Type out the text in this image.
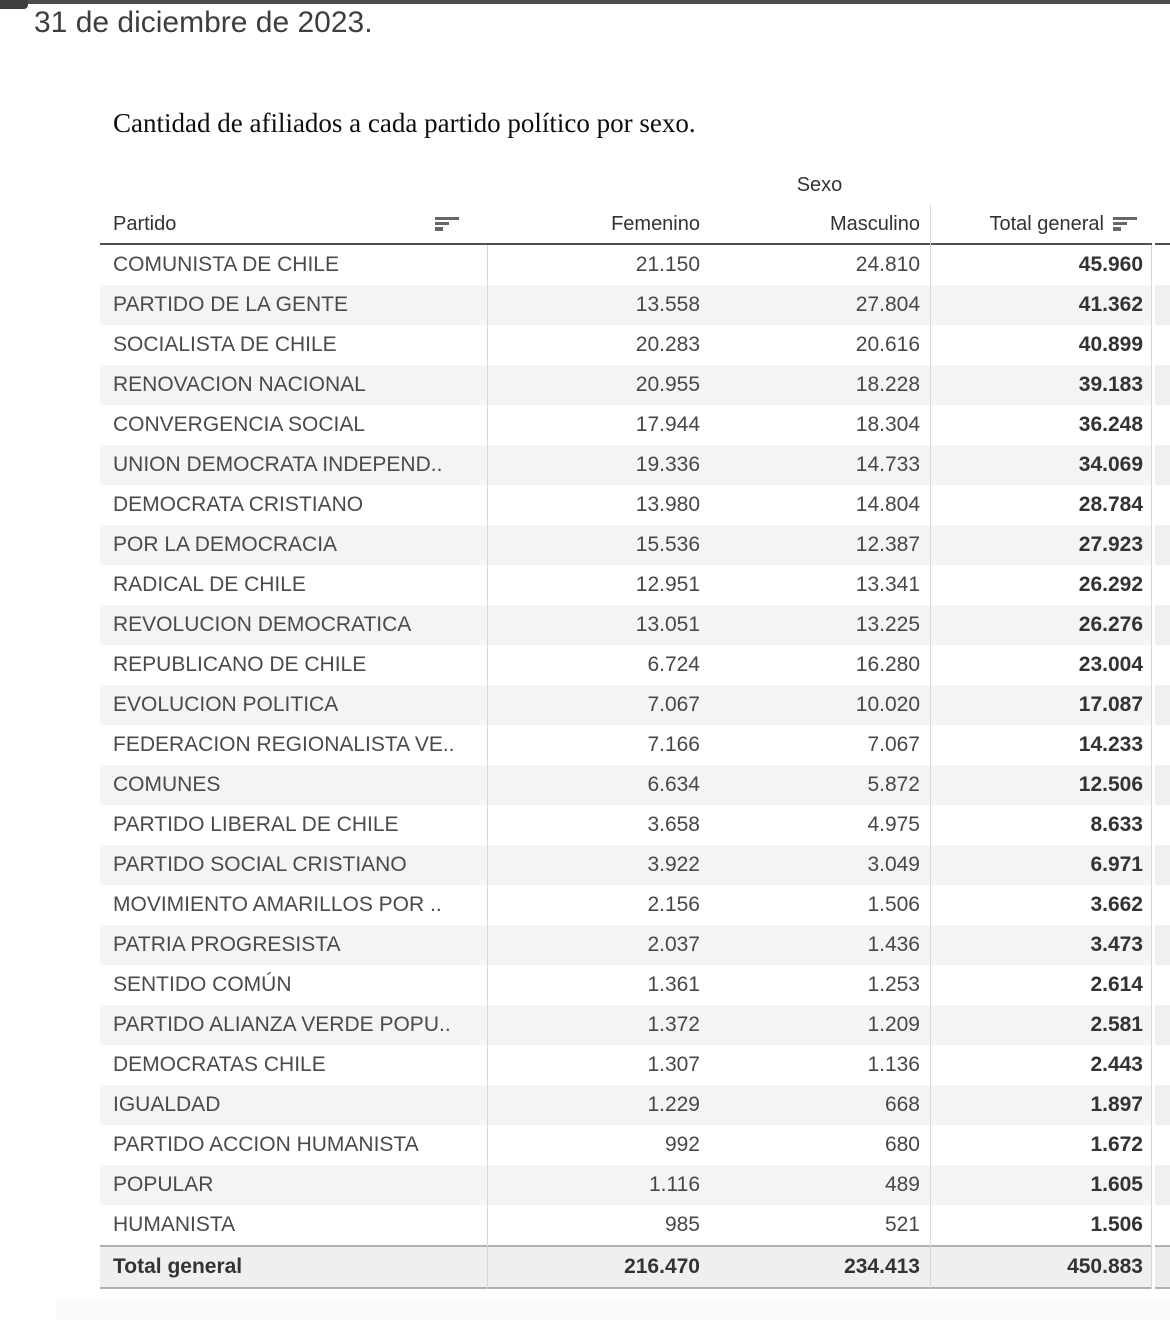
31 de diciembre de 2023.
Cantidad de afiliados a cada partido político por sexo.
Sexo
Partido	Femenino	Masculino	Total general
COMUNISTA DE CHILE	21.150	24.810	45.960
PARTIDO DE LA GENTE	13.558	27.804	41.362
SOCIALISTA DE CHILE	20.283	20.616	40.899
RENOVACION NACIONAL	20.955	18.228	39.183
CONVERGENCIA SOCIAL	17.944	18.304	36.248
UNION DEMOCRATA INDEPEND..	19.336	14.733	34.069
DEMOCRATA CRISTIANO	13.980	14.804	28.784
POR LA DEMOCRACIA	15.536	12.387	27.923
RADICAL DE CHILE	12.951	13.341	26.292
REVOLUCION DEMOCRATICA	13.051	13.225	26.276
REPUBLICANO DE CHILE	6.724	16.280	23.004
EVOLUCION POLITICA	7.067	10.020	17.087
FEDERACION REGIONALISTA VE..	7.166	7.067	14.233
COMUNES	6.634	5.872	12.506
PARTIDO LIBERAL DE CHILE	3.658	4.975	8.633
PARTIDO SOCIAL CRISTIANO	3.922	3.049	6.971
MOVIMIENTO AMARILLOS POR ..	2.156	1.506	3.662
PATRIA PROGRESISTA	2.037	1.436	3.473
SENTIDO COMÚN	1.361	1.253	2.614
PARTIDO ALIANZA VERDE POPU..	1.372	1.209	2.581
DEMOCRATAS CHILE	1.307	1.136	2.443
IGUALDAD	1.229	668	1.897
PARTIDO ACCION HUMANISTA	992	680	1.672
POPULAR	1.116	489	1.605
HUMANISTA	985	521	1.506
Total general	216.470	234.413	450.883
